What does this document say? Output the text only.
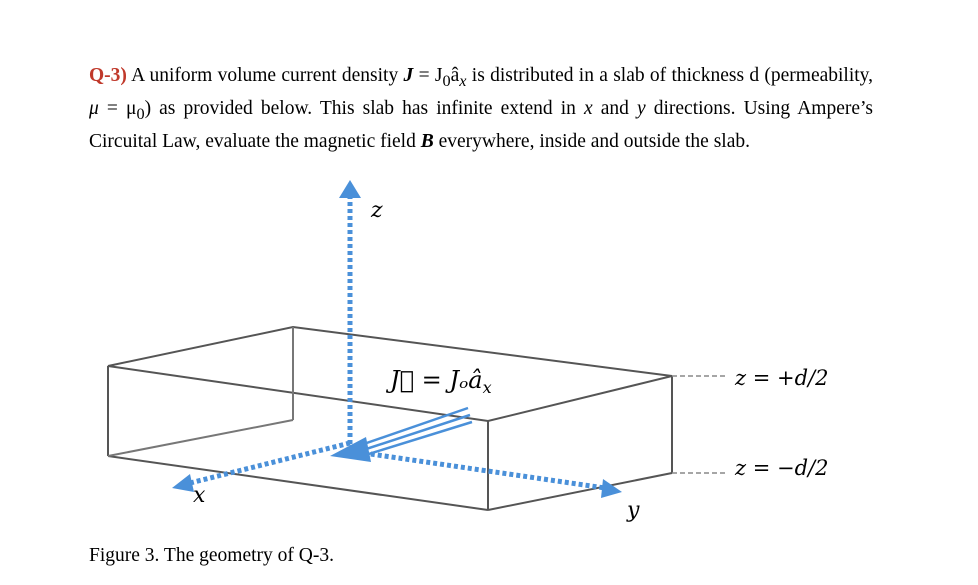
Q-3) A uniform volume current density $J = J_0â_x$ is distributed in a slab of thickness d (permeability, $\mu = \mu_0$) as provided below. This slab has infinite extend in x and y directions. Using Ampere’s Circuital Law, evaluate the magnetic field B everywhere, inside and outside the slab.

z
x
y
J⃗ = Jₒâ$_x$	z = +d/2
z = −d/2

Figure 3. The geometry of Q-3.
